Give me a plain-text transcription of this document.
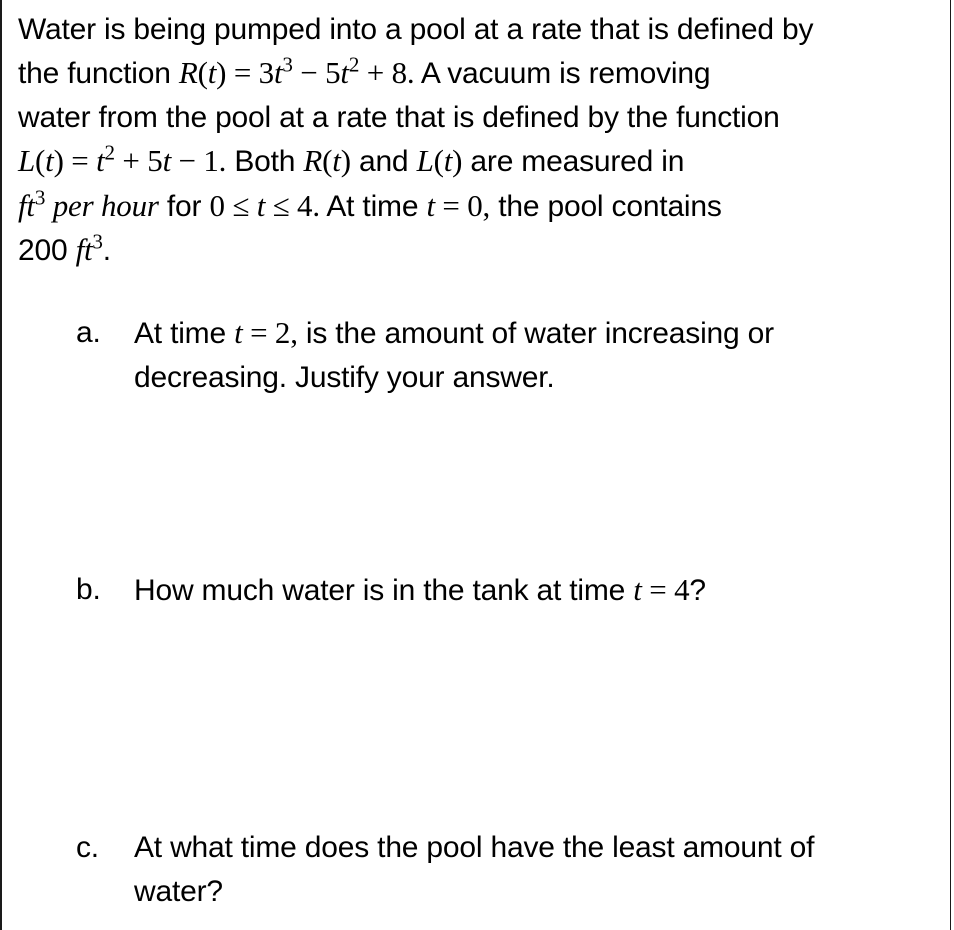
Water is being pumped into a pool at a rate that is defined by
the function $R(t) = 3t^3 - 5t^2 + 8$. A vacuum is removing
water from the pool at a rate that is defined by the function
$L(t) = t^2 + 5t - 1$. Both R(t) and L(t) are measured in
$ft^3$ per hour for 0 ≤ t ≤ 4. At time t = 0, the pool contains
200 $ft^3$.
a.	At time t = 2, is the amount of water increasing or
decreasing. Justify your answer.
b.	How much water is in the tank at time t = 4?
c.	At what time does the pool have the least amount of
water?
